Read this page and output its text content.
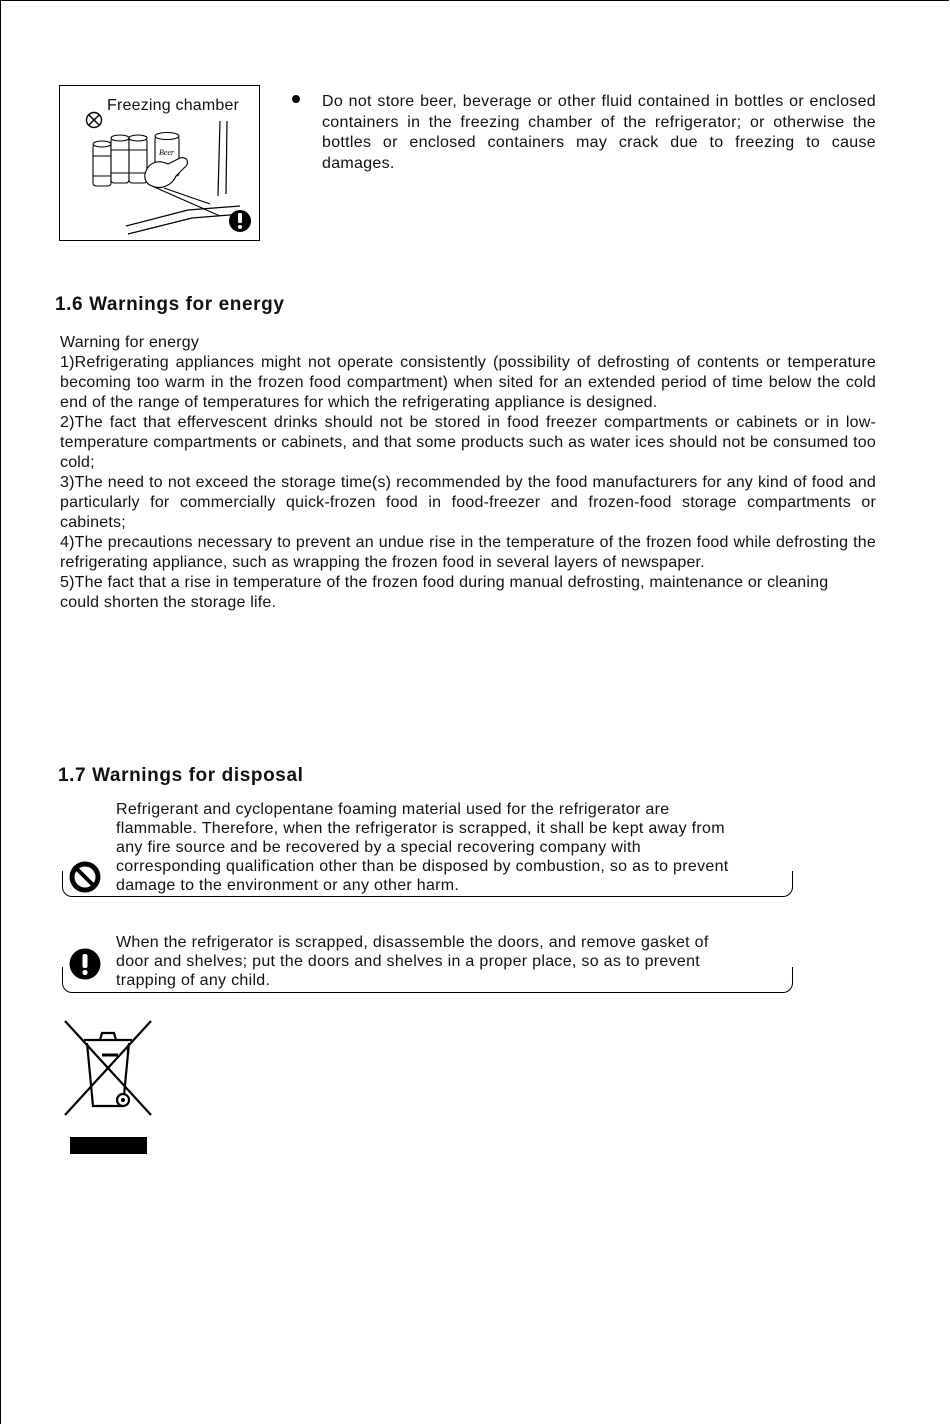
Beer
Freezing chamber	Do not store beer, beverage or other fluid contained in bottles or enclosed containers in the freezing chamber of the refrigerator; or otherwise the bottles or enclosed containers may crack due to freezing to cause damages.

1.6 Warnings for energy

Warning for energy

1)Refrigerating appliances might not operate consistently (possibility of defrosting of contents or temperature becoming too warm in the frozen food compartment) when sited for an extended period of time below the cold end of the range of temperatures for which the refrigerating appliance is designed.

2)The fact that effervescent drinks should not be stored in food freezer compartments or cabinets or in low-temperature compartments or cabinets, and that some products such as water ices should not be consumed too cold;

3)The need to not exceed the storage time(s) recommended by the food manufacturers for any kind of food and particularly for commercially quick-frozen food in food-freezer and frozen-food storage compartments or cabinets;

4)The precautions necessary to prevent an undue rise in the temperature of the frozen food while defrosting the refrigerating appliance, such as wrapping the frozen food in several layers of newspaper.

5)The fact that a rise in temperature of the frozen food during manual defrosting, maintenance or cleaning could shorten the storage life.

1.7 Warnings for disposal
Refrigerant and cyclopentane foaming material used for the refrigerator are
flammable. Therefore, when the refrigerator is scrapped, it shall be kept away from
any fire source and be recovered by a special recovering company with
corresponding qualification other than be disposed by combustion, so as to prevent
damage to the environment or any other harm.
When the refrigerator is scrapped, disassemble the doors, and remove gasket of
door and shelves; put the doors and shelves in a proper place, so as to prevent
trapping of any child.
